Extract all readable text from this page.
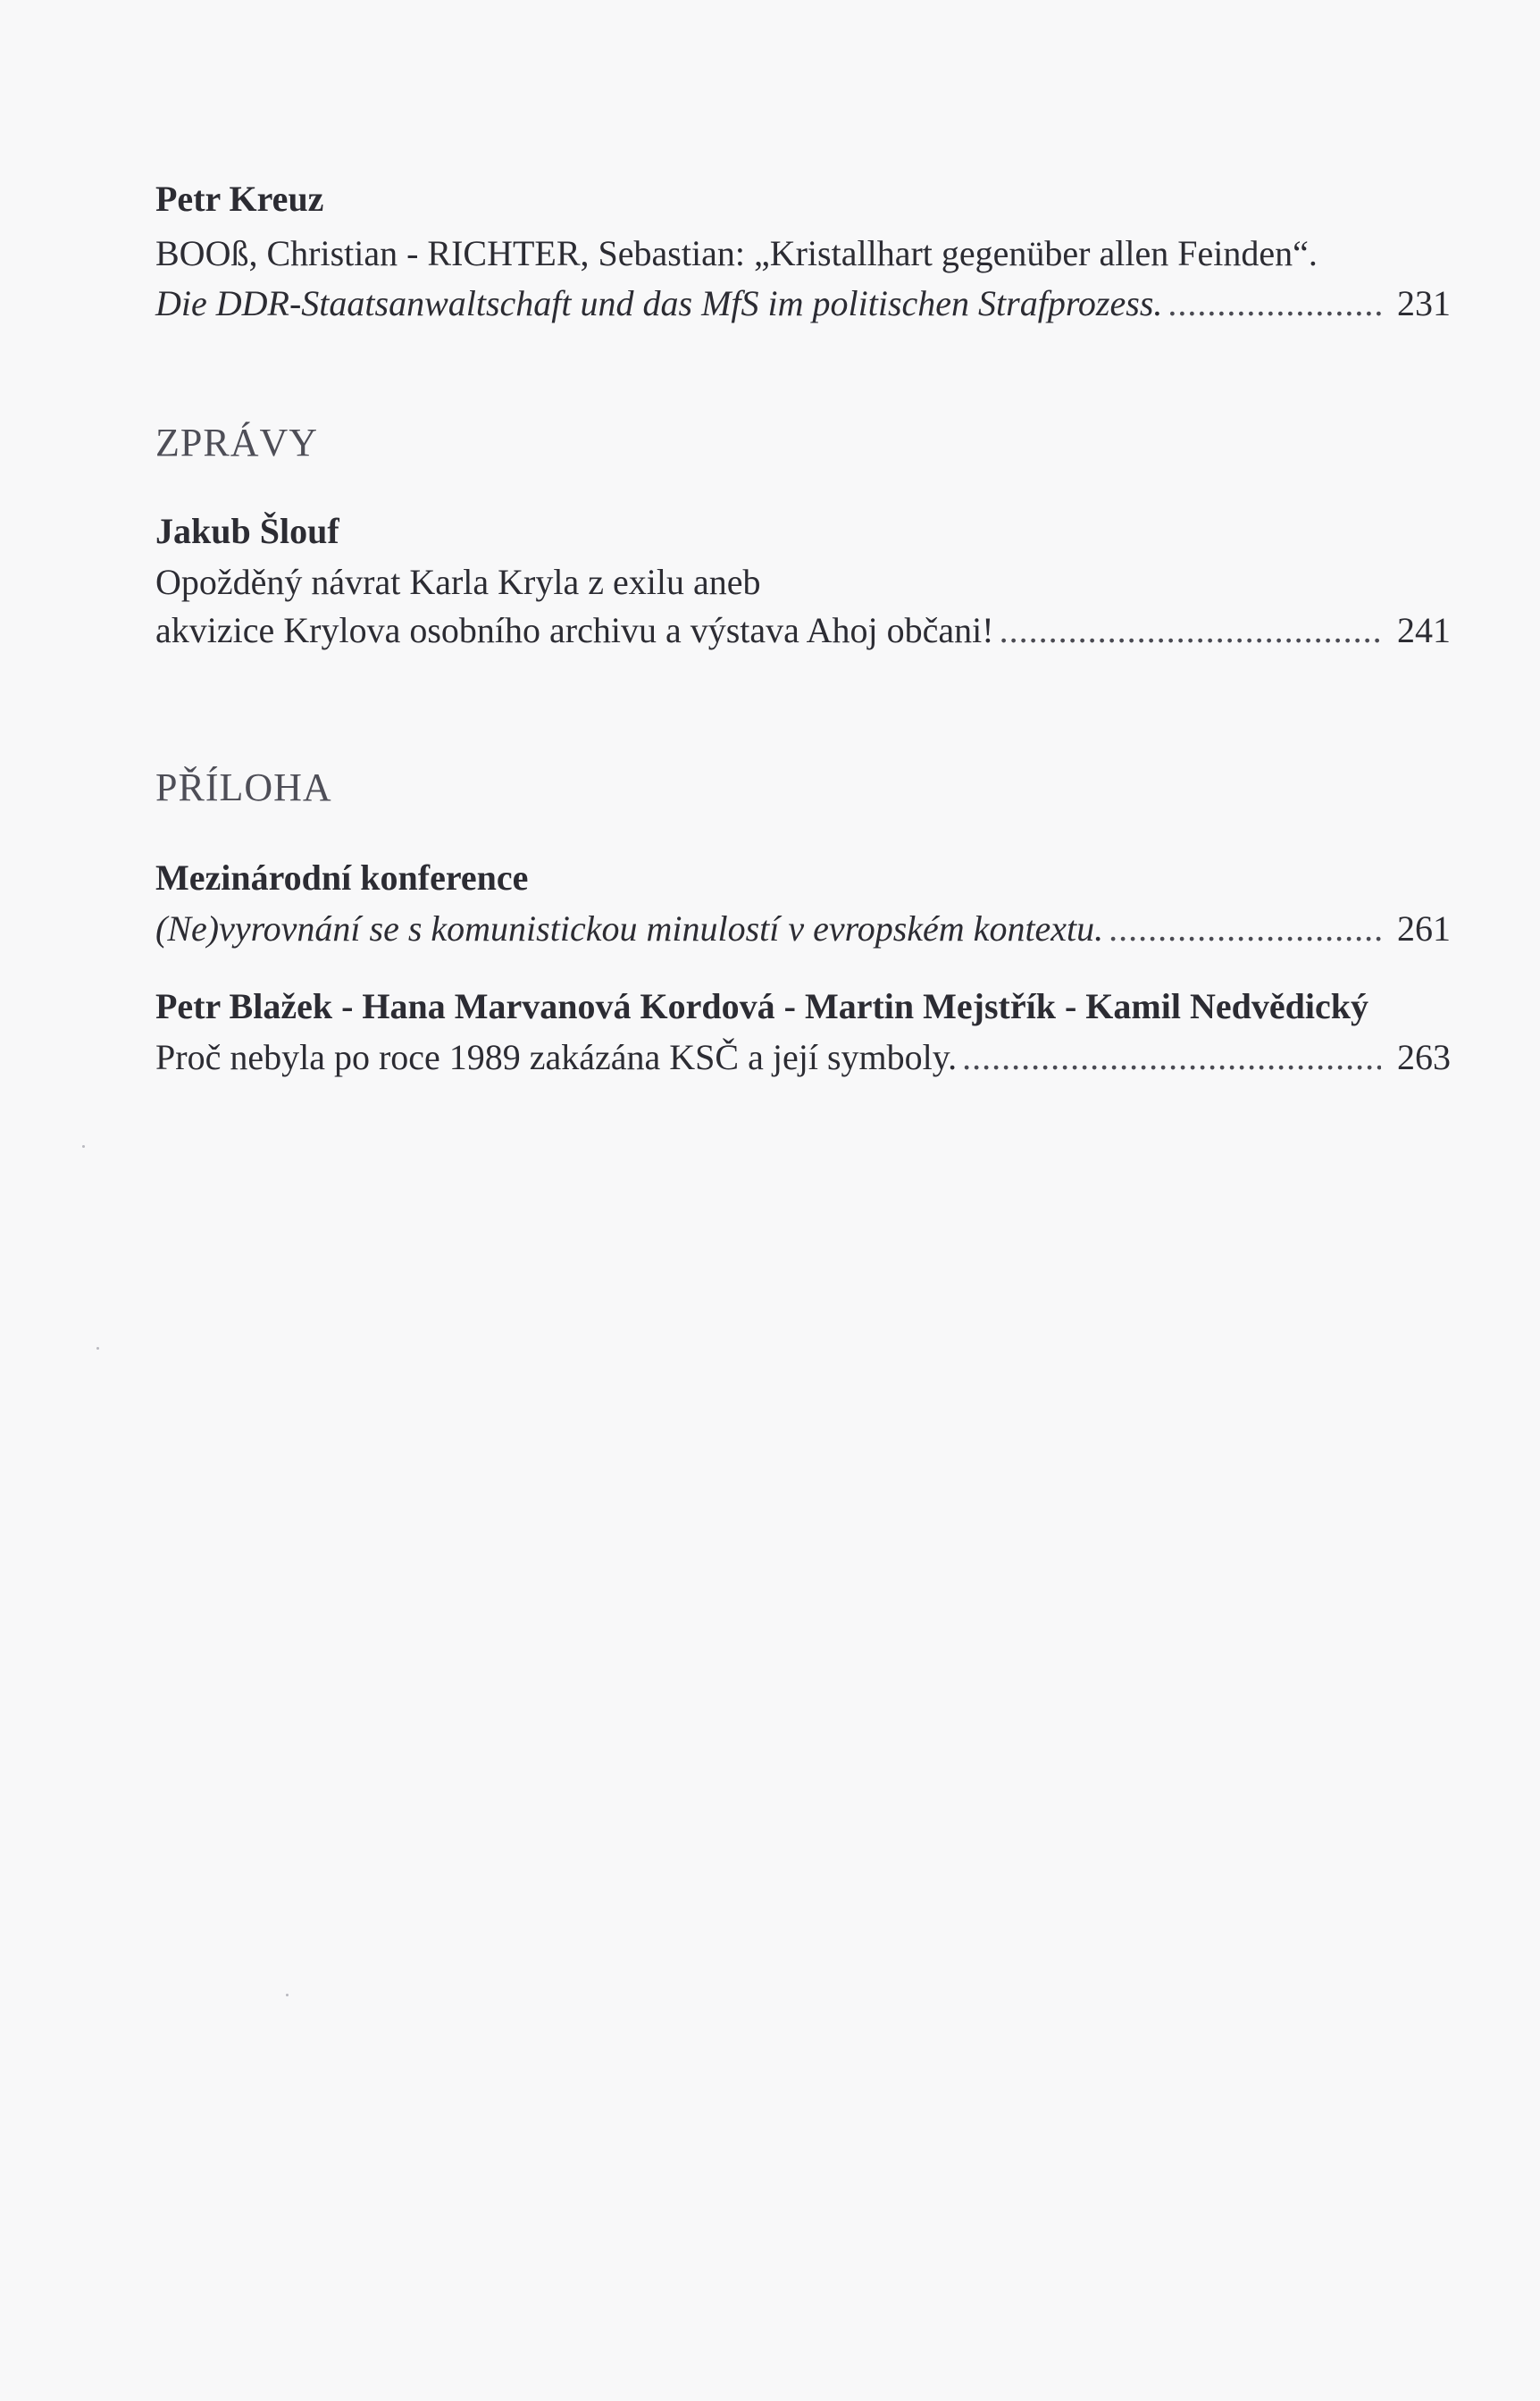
Petr Kreuz

BOOß, Christian - RICHTER, Sebastian: „Kristallhart gegenüber allen Feinden“.

Die DDR-Staatsanwaltschaft und das MfS im politischen Strafprozess. .....	231

ZPRÁVY

Jakub Šlouf

Opožděný návrat Karla Kryla z exilu aneb

akvizice Krylova osobního archivu a výstava Ahoj občani! .....	241

PŘÍLOHA

Mezinárodní konference

(Ne)vyrovnání se s komunistickou minulostí v evropském kontextu. .....	261

Petr Blažek - Hana Marvanová Kordová - Martin Mejstřík - Kamil Nedvědický

Proč nebyla po roce 1989 zakázána KSČ a její symboly. .....	263
